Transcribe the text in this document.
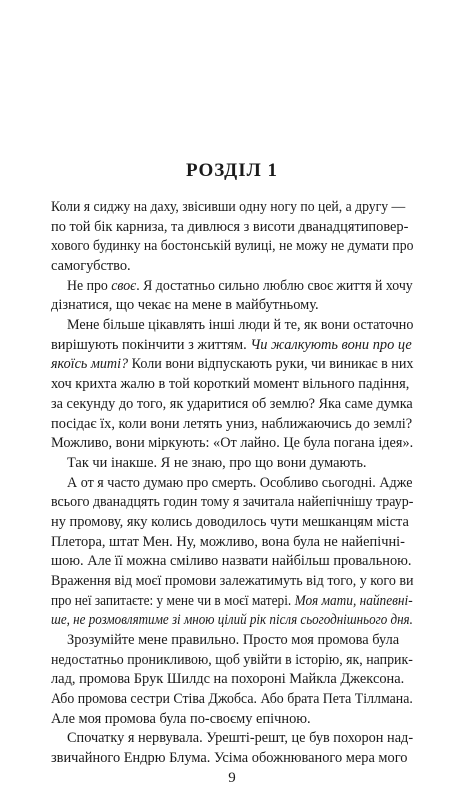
РОЗДІЛ 1
Коли я сиджу на даху, звісивши одну ногу по цей, а другу —
по той бік карниза, та дивлюся з висоти дванадцятиповер-
хового будинку на бостонській вулиці, не можу не думати про
самогубство.
Не про своє. Я достатньо сильно люблю своє життя й хочу
дізнатися, що чекає на мене в майбутньому.
Мене більше цікавлять інші люди й те, як вони остаточно
вирішують покінчити з життям. Чи жалкують вони про це
якоїсь миті? Коли вони відпускають руки, чи виникає в них
хоч крихта жалю в той короткий момент вільного падіння,
за секунду до того, як ударитися об землю? Яка саме думка
посідає їх, коли вони летять униз, наближаючись до землі?
Можливо, вони міркують: «От лайно. Це була погана ідея».
Так чи інакше. Я не знаю, про що вони думають.
А от я часто думаю про смерть. Особливо сьогодні. Адже
всього дванадцять годин тому я зачитала найепічнішу траур-
ну промову, яку колись доводилось чути мешканцям міста
Плетора, штат Мен. Ну, можливо, вона була не найепічні-
шою. Але її можна сміливо назвати найбільш провальною.
Враження від моєї промови залежатимуть від того, у кого ви
про неї запитаєте: у мене чи в моєї матері. Моя мати, найпевні-
ше, не розмовлятиме зі мною цілий рік після сьогоднішнього дня.
Зрозумійте мене правильно. Просто моя промова була
недостатньо проникливою, щоб увійти в історію, як, наприк-
лад, промова Брук Шилдс на похороні Майкла Джексона.
Або промова сестри Стіва Джобса. Або брата Пета Тіллмана.
Але моя промова була по-своєму епічною.
Спочатку я нервувала. Урешті-решт, це був похорон над-
звичайного Ендрю Блума. Усіма обожнюваного мера мого
9
